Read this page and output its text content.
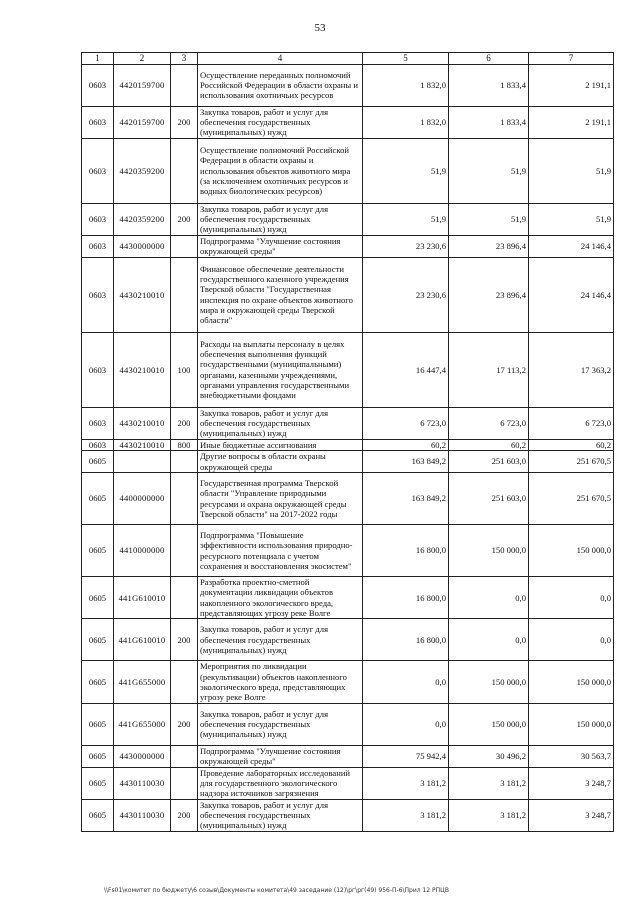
53
1	2	3	4	5	6	7
0603	4420159700		Осуществление переданных полномочий Российской Федерации в области охраны и использования охотничьих ресурсов	1 832,0	1 833,4	2 191,1
0603	4420159700	200	Закупка товаров, работ и услуг для обеспечения государственных (муниципальных) нужд	1 832,0	1 833,4	2 191,1
0603	4420359200		Осуществление полномочий Российской Федерации в области охраны и использования объектов животного мира (за исключением охотничьих ресурсов и водных биологических ресурсов)	51,9	51,9	51,9
0603	4420359200	200	Закупка товаров, работ и услуг для обеспечения государственных (муниципальных) нужд	51,9	51,9	51,9
0603	4430000000		Подпрограмма "Улучшение состояния окружающей среды"	23 230,6	23 896,4	24 146,4
0603	4430210010		Финансовое обеспечение деятельности государственного казенного учреждения Тверской области "Государственная инспекция по охране объектов животного мира и окружающей среды Тверской области"	23 230,6	23 896,4	24 146,4
0603	4430210010	100	Расходы на выплаты персоналу в целях обеспечения выполнения функций государственными (муниципальными) органами, казенными учреждениями, органами управления государственными внебюджетными фондами	16 447,4	17 113,2	17 363,2
0603	4430210010	200	Закупка товаров, работ и услуг для обеспечения государственных (муниципальных) нужд	6 723,0	6 723,0	6 723,0
0603	4430210010	800	Иные бюджетные ассигнования	60,2	60,2	60,2
0605			Другие вопросы в области охраны окружающей среды	163 849,2	251 603,0	251 670,5
0605	4400000000		Государственная программа Тверской области "Управление природными ресурсами и охрана окружающей среды Тверской области" на 2017-2022 годы	163 849,2	251 603,0	251 670,5
0605	4410000000		Подпрограмма "Повышение эффективности использования природно-ресурсного потенциала с учетом сохранения и восстановления экосистем"	16 800,0	150 000,0	150 000,0
0605	441G610010		Разработка проектно-сметной документации ликвидации объектов накопленного экологического вреда, представляющих угрозу реке Волге	16 800,0	0,0	0,0
0605	441G610010	200	Закупка товаров, работ и услуг для обеспечения государственных (муниципальных) нужд	16 800,0	0,0	0,0
0605	441G655000		Мероприятия по ликвидации (рекультивации) объектов накопленного экологического вреда, представляющих угрозу реке Волге	0,0	150 000,0	150 000,0
0605	441G655000	200	Закупка товаров, работ и услуг для обеспечения государственных (муниципальных) нужд	0,0	150 000,0	150 000,0
0605	4430000000		Подпрограмма "Улучшение состояния окружающей среды"	75 942,4	30 496,2	30 563,7
0605	4430110030		Проведение лабораторных исследований для государственного экологического надзора источников загрязнения	3 181,2	3 181,2	3 248,7
0605	4430110030	200	Закупка товаров, работ и услуг для обеспечения государственных (муниципальных) нужд	3 181,2	3 181,2	3 248,7
\\Fs01\комитет по бюджету\6 созыв\Документы комитета\49 заседание (12)\рг\рг(49) 956-П-6\Прил 12 РПЦВ
